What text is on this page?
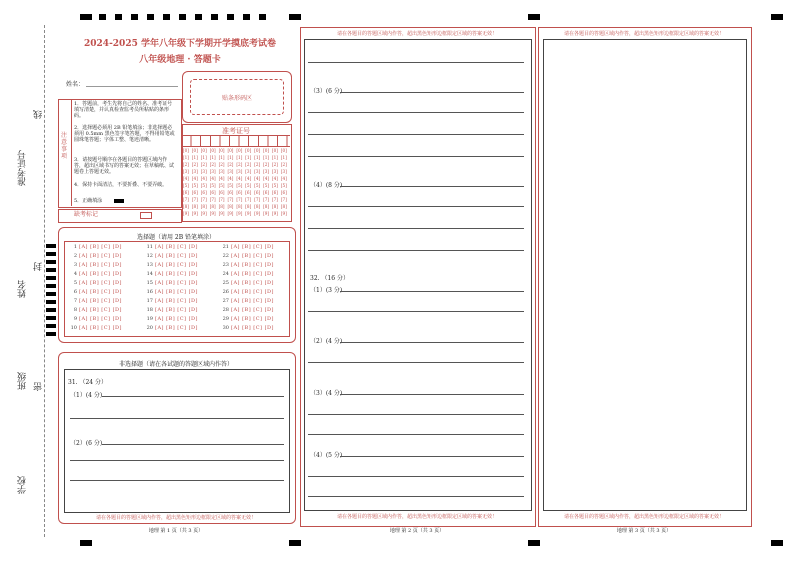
准考证号
线
姓名
封
班级 密
学校
2024-2025 学年八年级下学期开学摸底考试卷
八年级地理 · 答题卡
姓名：
贴条形码区
注意事项
1．答题前，考生先将自己的姓名、准考证号填写清楚，并认真检查监考员所粘贴的条形码。
2．选择题必须用 2B 铅笔填涂；非选择题必须用 0.5mm 黑色签字笔答题，不得用铅笔或圆珠笔答题；字体工整、笔迹清晰。
3．请按题号顺序在各题目的答题区域内作答，超出区域书写的答案无效；在草稿纸、试题卷上答题无效。
4．保持卡面清洁，不要折叠、不要弄破。
5．正确填涂
缺考标记
准考证号
[0] [0] [0] [0] [0] [0] [0] [0] [0] [0] [0] [0]
[1] [1] [1] [1] [1] [1] [1] [1] [1] [1] [1] [1]
[2] [2] [2] [2] [2] [2] [2] [2] [2] [2] [2] [2]
[3] [3] [3] [3] [3] [3] [3] [3] [3] [3] [3] [3]
[4] [4] [4] [4] [4] [4] [4] [4] [4] [4] [4] [4]
[5] [5] [5] [5] [5] [5] [5] [5] [5] [5] [5] [5]
[6] [6] [6] [6] [6] [6] [6] [6] [6] [6] [6] [6]
[7] [7] [7] [7] [7] [7] [7] [7] [7] [7] [7] [7]
[8] [8] [8] [8] [8] [8] [8] [8] [8] [8] [8] [8]
[9] [9] [9] [9] [9] [9] [9] [9] [9] [9] [9] [9]
选择题（请用 2B 铅笔填涂）
1[A] [B] [C] [D]
2[A] [B] [C] [D]
3[A] [B] [C] [D]
4[A] [B] [C] [D]
5[A] [B] [C] [D]
6[A] [B] [C] [D]
7[A] [B] [C] [D]
8[A] [B] [C] [D]
9[A] [B] [C] [D]
10[A] [B] [C] [D]
11[A] [B] [C] [D]
12[A] [B] [C] [D]
13[A] [B] [C] [D]
14[A] [B] [C] [D]
15[A] [B] [C] [D]
16[A] [B] [C] [D]
17[A] [B] [C] [D]
18[A] [B] [C] [D]
19[A] [B] [C] [D]
20[A] [B] [C] [D]
21[A] [B] [C] [D]
22[A] [B] [C] [D]
23[A] [B] [C] [D]
24[A] [B] [C] [D]
25[A] [B] [C] [D]
26[A] [B] [C] [D]
27[A] [B] [C] [D]
28[A] [B] [C] [D]
29[A] [B] [C] [D]
30[A] [B] [C] [D]
非选择题（请在各试题的答题区域内作答）
31. （24 分）
（1）(4 分)
（2）(6 分)
请在各题目的答题区域内作答，超出黑色矩形边框限定区域的答案无效！
地理 第 1 页（共 3 页）
请在各题目的答题区域内作答，超出黑色矩形边框限定区域的答案无效！
（3）(6 分)
（4）(8 分)
32. （16 分）
（1）(3 分)
（2）(4 分)
（3）(4 分)
（4）(5 分)
请在各题目的答题区域内作答，超出黑色矩形边框限定区域的答案无效！
地理 第 2 页（共 3 页）
请在各题目的答题区域内作答，超出黑色矩形边框限定区域的答案无效！
请在各题目的答题区域内作答，超出黑色矩形边框限定区域的答案无效！
地理 第 3 页（共 3 页）
